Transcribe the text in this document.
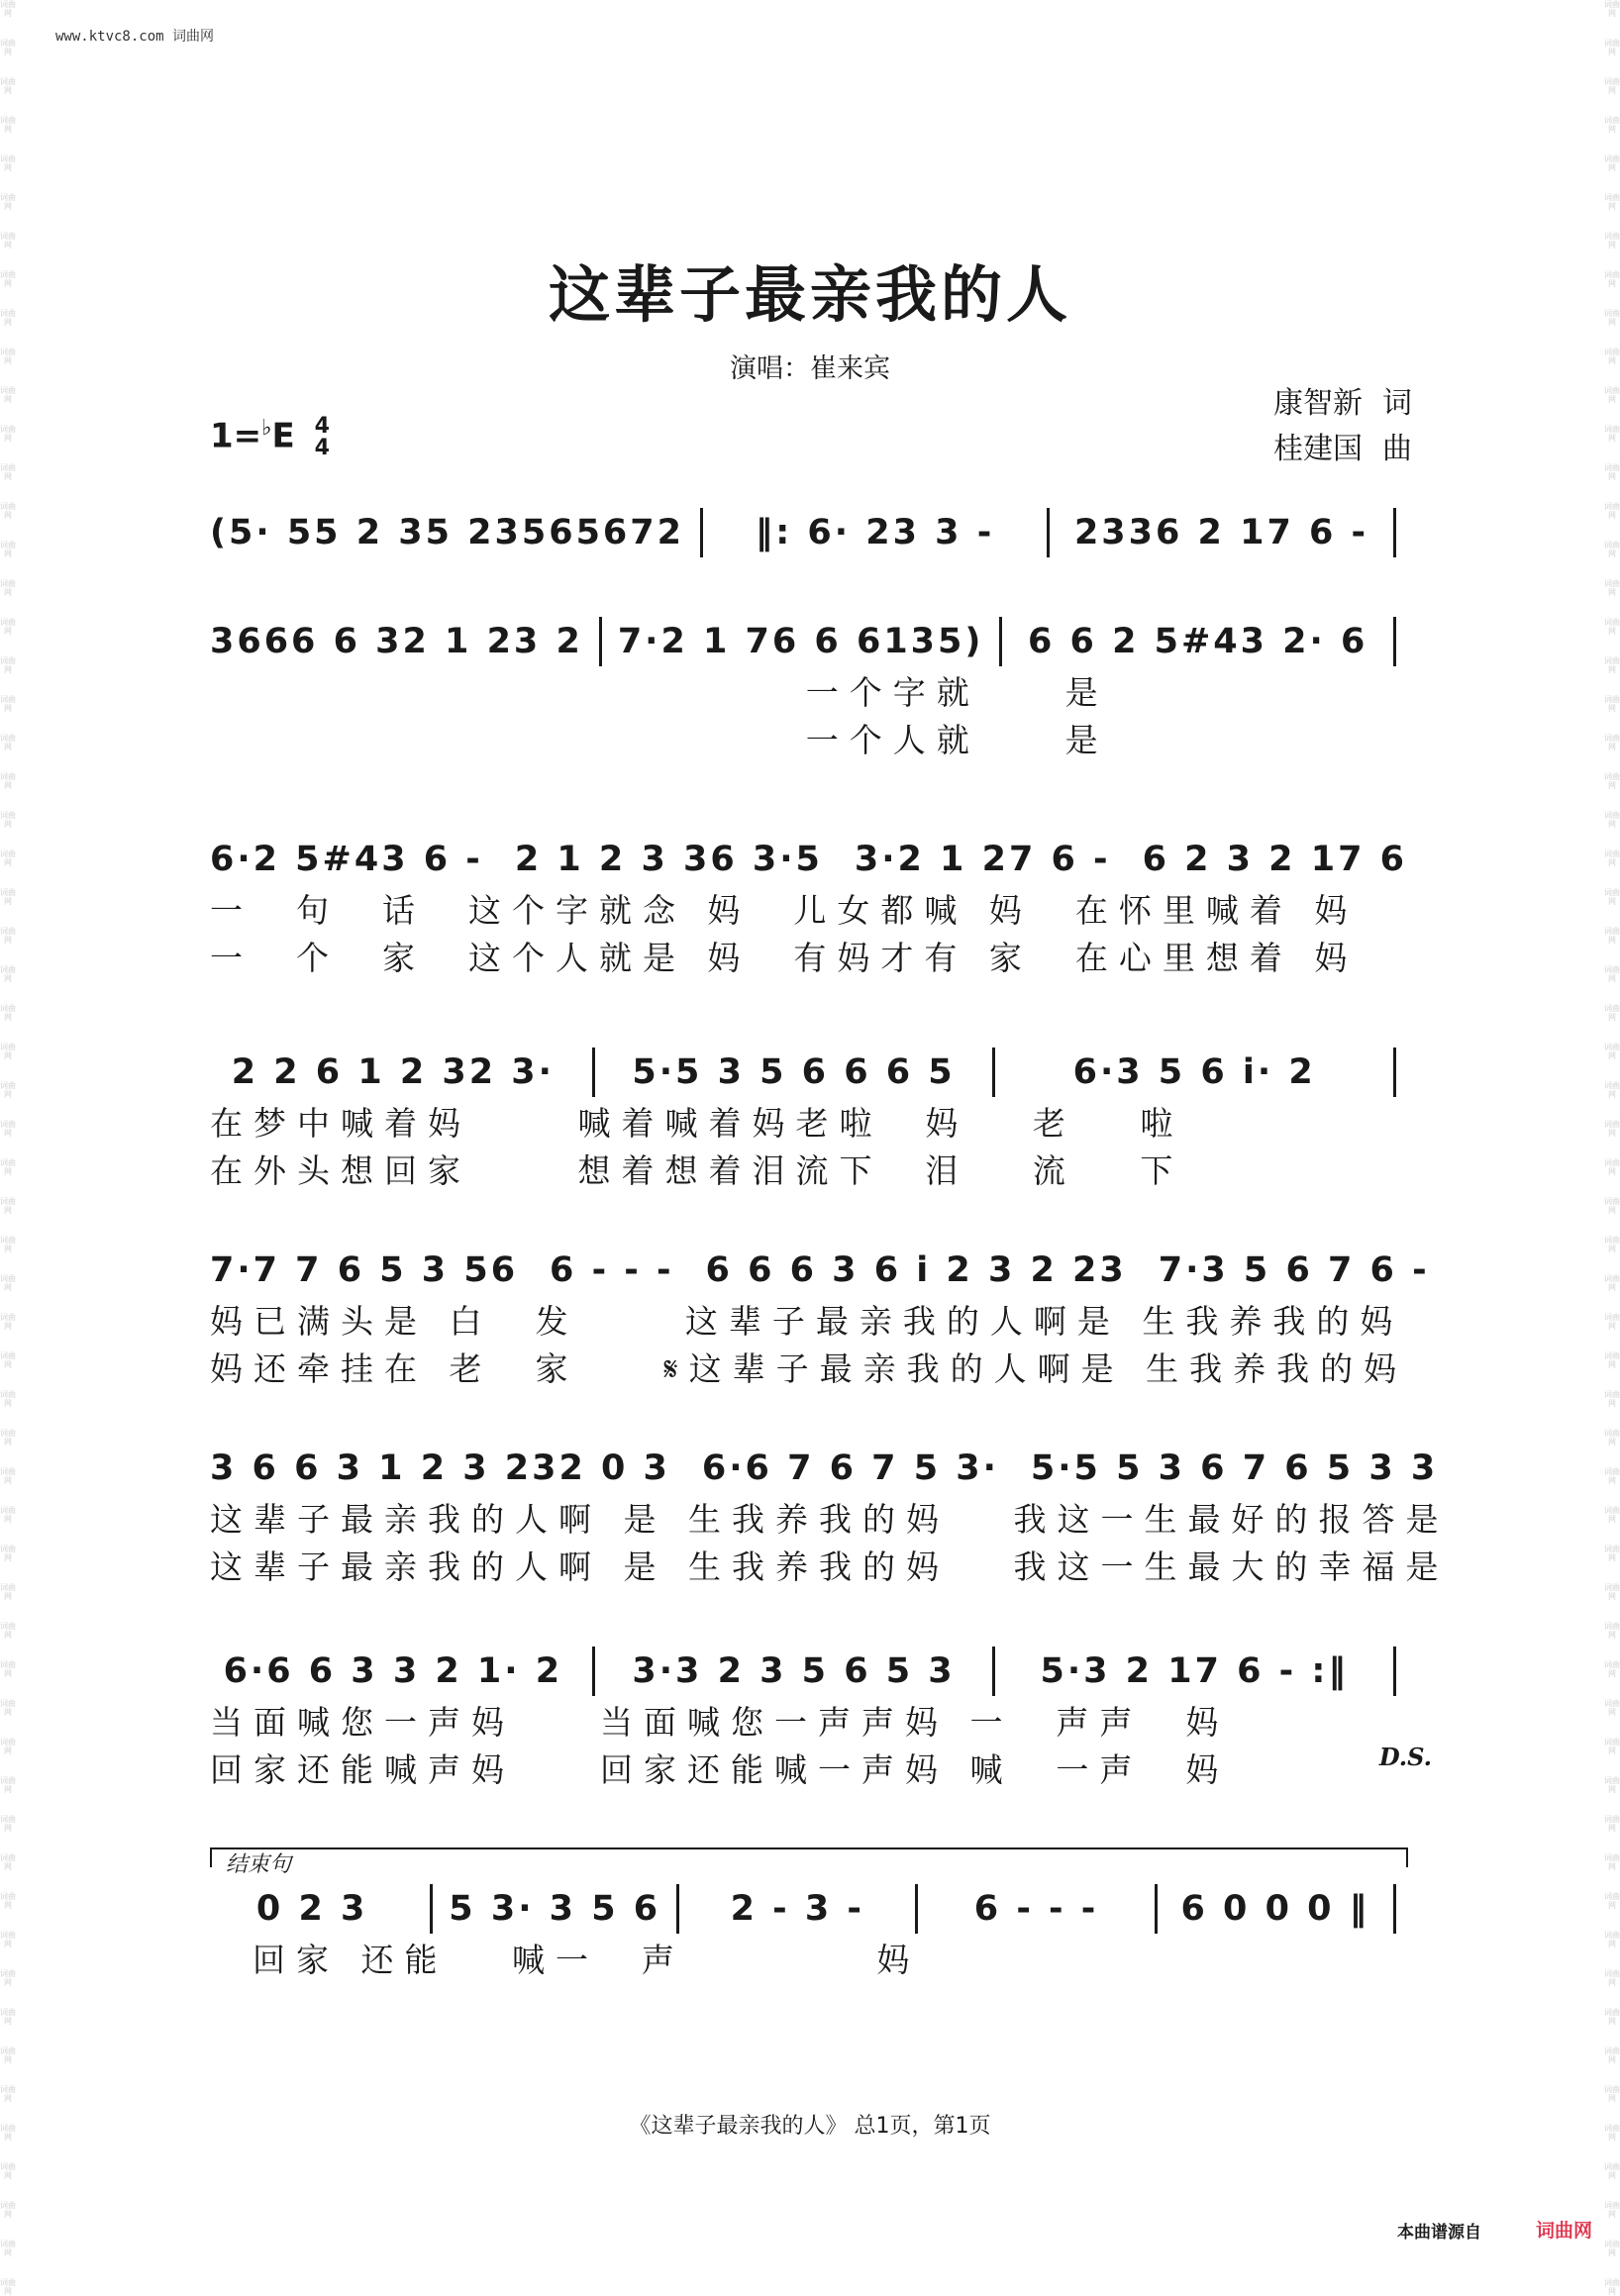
词曲网
词曲网
词曲网
词曲网
词曲网
词曲网
词曲网
词曲网
词曲网
词曲网
词曲网
词曲网
词曲网
词曲网
词曲网
词曲网
词曲网
词曲网
词曲网
词曲网
词曲网
词曲网
词曲网
词曲网
词曲网
词曲网
词曲网
词曲网
词曲网
词曲网
词曲网
词曲网
词曲网
词曲网
词曲网
词曲网
词曲网
词曲网
词曲网
词曲网
词曲网
词曲网
词曲网
词曲网
词曲网
词曲网
词曲网
词曲网
词曲网
词曲网
词曲网
词曲网
词曲网
词曲网
词曲网
词曲网
词曲网
词曲网
词曲网
词曲网
词曲网
词曲网
词曲网
词曲网
词曲网
词曲网
词曲网
词曲网
词曲网
词曲网
词曲网
词曲网
词曲网
词曲网
词曲网
词曲网
词曲网
词曲网
词曲网
词曲网
词曲网
词曲网
词曲网
词曲网
词曲网
词曲网
词曲网
词曲网
词曲网
词曲网
词曲网
词曲网
词曲网
词曲网
词曲网
词曲网
词曲网
词曲网
词曲网
词曲网
词曲网
词曲网
词曲网
词曲网
词曲网
词曲网
词曲网
词曲网
词曲网
词曲网
词曲网
词曲网
词曲网
词曲网
词曲网
词曲网
词曲网
词曲网
词曲网
词曲网
www.ktvc8.com 词曲网
这辈子最亲我的人
演唱：崔来宾
康智新 词
桂建国 曲
1=♭E 4
4
(5· 55 2 35 23565672	‖: 6· 23 3 -	2336 2 17 6 -
3666 6 32 1 23 2 7·2 1 76 6 6135) 6 6 2 5#43 2· 6
一个字就    是
一个人就    是
6·2 5#43 6 - 2 1 2 3 36 3·5 3·2 1 27 6 - 6 2 3 2 17 6
一  句  话  这个字就念 妈  儿女都喊 妈  在怀里喊着 妈
一  个  家  这个人就是 妈  有妈才有 家  在心里想着 妈
2 2 6 1 2 32 3·	5·5 3 5 6 6 6 5	6·3 5 6 i· 2
在梦中喊着妈     喊着喊着妈老啦  妈   老   啦
在外头想回家     想着想着泪流下  泪   流   下
7·7 7 6 5 3 56 6 - - - 6 6 6 3 6 i 2 3 2 23 7·3 5 6 7 6 -
妈已满头是 白  发     这辈子最亲我的人啊是 生我养我的妈
妈还牵挂在 老  家    𝄋这辈子最亲我的人啊是 生我养我的妈
3 6 6 3 1 2 3 232 0 3 6·6 7 6 7 5 3· 5·5 5 3 6 7 6 5 3 3
这辈子最亲我的人啊 是 生我养我的妈   我这一生最好的报答是
这辈子最亲我的人啊 是 生我养我的妈   我这一生最大的幸福是
6·6 6 3 3 2 1· 2	3·3 2 3 5 6 5 3	5·3 2 17 6 - :‖
当面喊您一声妈    当面喊您一声声妈 一  声声  妈
回家还能喊声妈    回家还能喊一声妈 喊  一声  妈	D.S.
0 2 3	5 3· 3 5 6	2 - 3 -	6 - - -	6 0 0 0 ‖
回家 还能   喊一  声         妈
结束句
《这辈子最亲我的人》 总1页，第1页
本曲谱源自	词曲网
